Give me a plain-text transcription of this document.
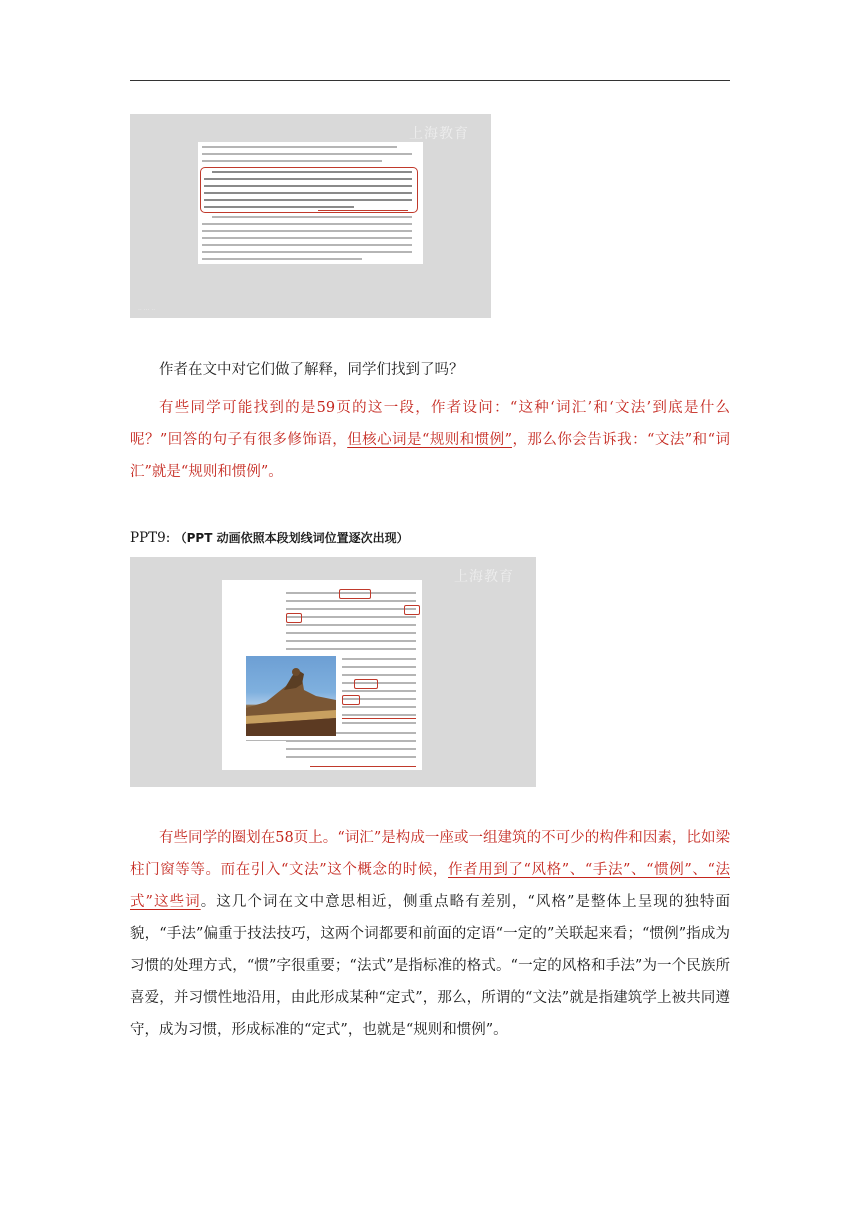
上海教育
·· ··· ··

作者在文中对它们做了解释，同学们找到了吗？

有些同学可能找到的是59页的这一段，作者设问：“这种‘词汇’和‘文法’到底是什么呢？”回答的句子有很多修饰语，但核心词是“规则和惯例”，那么你会告诉我：“文法”和“词汇”就是“规则和惯例”。

PPT9: （PPT 动画依照本段划线词位置逐次出现）
上海教育

有些同学的圈划在58页上。“词汇”是构成一座或一组建筑的不可少的构件和因素，比如梁柱门窗等等。而在引入“文法”这个概念的时候，作者用到了“风格”、“手法”、“惯例”、“法式”这些词。这几个词在文中意思相近，侧重点略有差别，“风格”是整体上呈现的独特面貌，“手法”偏重于技法技巧，这两个词都要和前面的定语“一定的”关联起来看；“惯例”指成为习惯的处理方式，“惯”字很重要；“法式”是指标准的格式。“一定的风格和手法”为一个民族所喜爱，并习惯性地沿用，由此形成某种“定式”，那么，所谓的“文法”就是指建筑学上被共同遵守，成为习惯，形成标准的“定式”，也就是“规则和惯例”。
